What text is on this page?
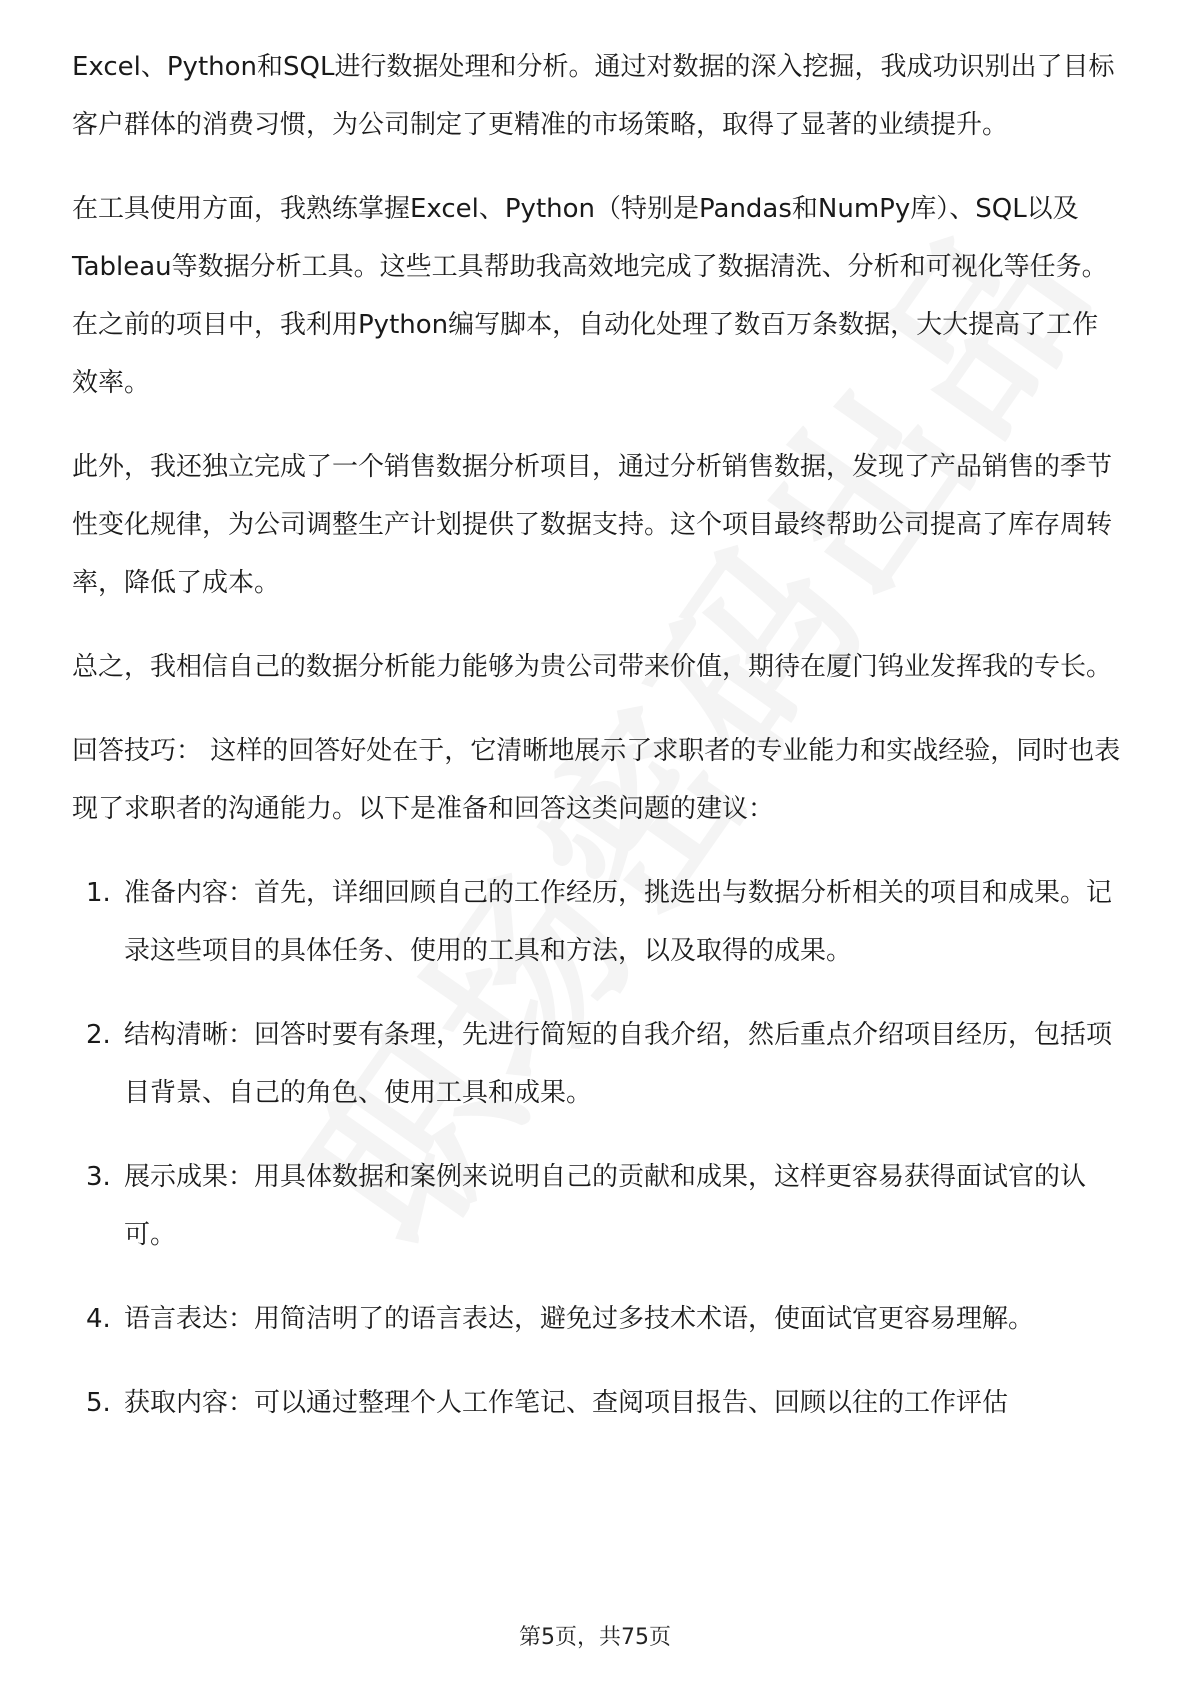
Excel、Python和SQL进行数据处理和分析。通过对数据的深入挖掘，我成功识别出了目标客户群体的消费习惯，为公司制定了更精准的市场策略，取得了显著的业绩提升。

在工具使用方面，我熟练掌握Excel、Python（特别是Pandas和NumPy库）、SQL以及Tableau等数据分析工具。这些工具帮助我高效地完成了数据清洗、分析和可视化等任务。在之前的项目中，我利用Python编写脚本，自动化处理了数百万条数据，大大提高了工作效率。

此外，我还独立完成了一个销售数据分析项目，通过分析销售数据，发现了产品销售的季节性变化规律，为公司调整生产计划提供了数据支持。这个项目最终帮助公司提高了库存周转率，降低了成本。

总之，我相信自己的数据分析能力能够为贵公司带来价值，期待在厦门钨业发挥我的专长。

回答技巧： 这样的回答好处在于，它清晰地展示了求职者的专业能力和实战经验，同时也表现了求职者的沟通能力。以下是准备和回答这类问题的建议：

1. 准备内容：首先，详细回顾自己的工作经历，挑选出与数据分析相关的项目和成果。记录这些项目的具体任务、使用的工具和方法，以及取得的成果。
2. 结构清晰：回答时要有条理，先进行简短的自我介绍，然后重点介绍项目经历，包括项目背景、自己的角色、使用工具和成果。
3. 展示成果：用具体数据和案例来说明自己的贡献和成果，这样更容易获得面试官的认可。
4. 语言表达：用简洁明了的语言表达，避免过多技术术语，使面试官更容易理解。
5. 获取内容：可以通过整理个人工作笔记、查阅项目报告、回顾以往的工作评估
第5页，共75页
